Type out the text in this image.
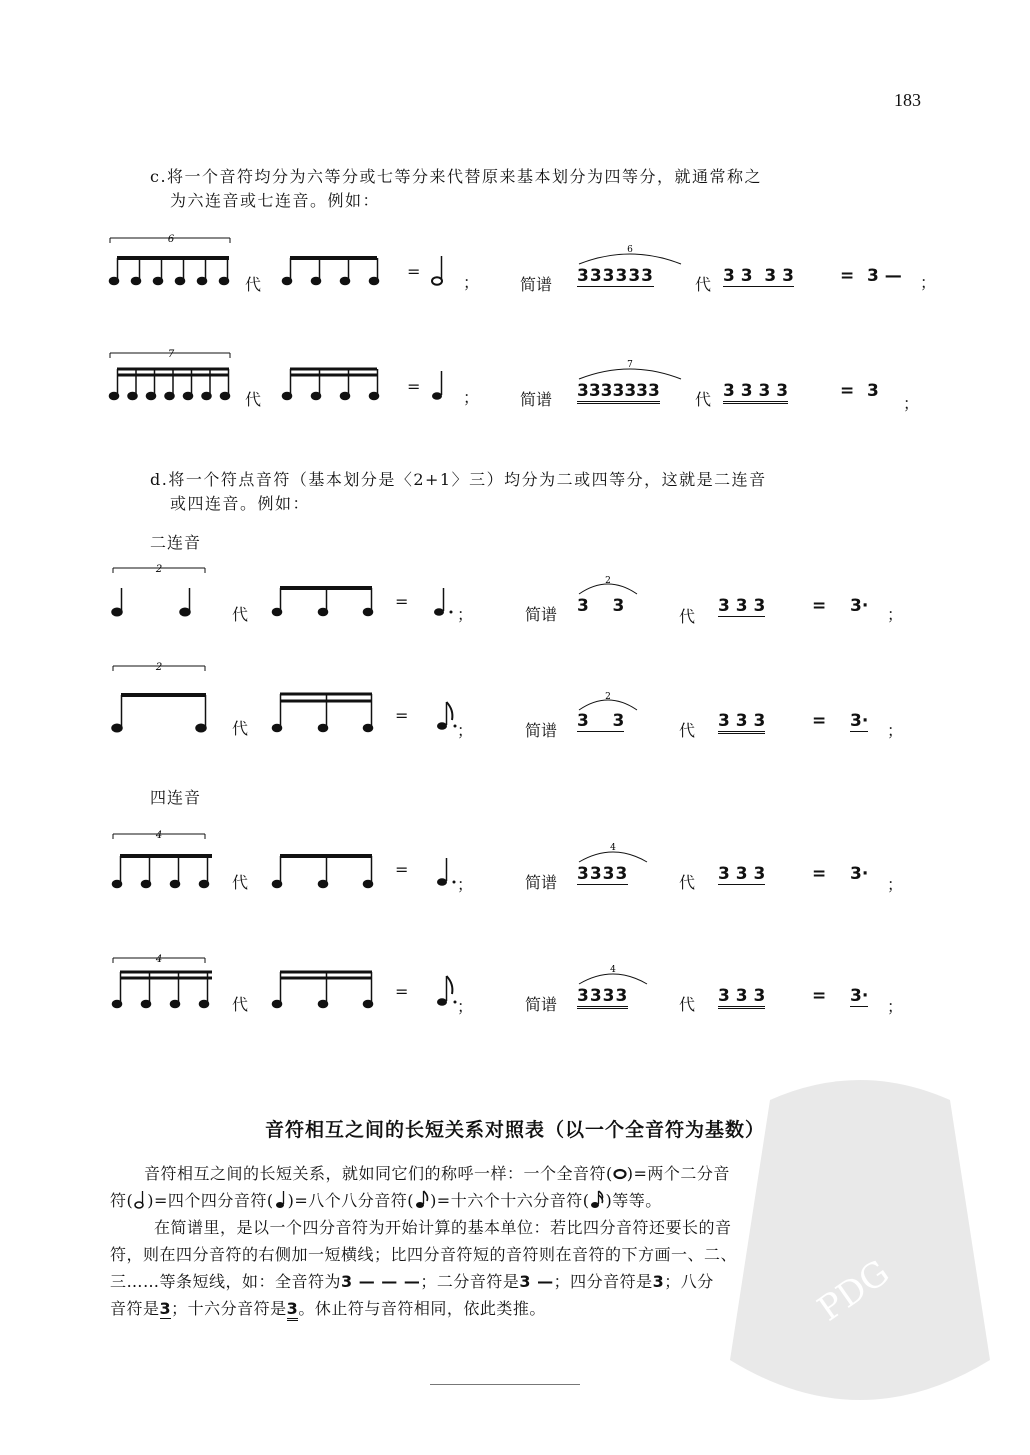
183
c.将一个音符均分为六等分或七等分来代替原来基本划分为四等分，就通常称之
为六连音或七连音。例如：
6
代
=
；	简谱
6
333333	代 3 3  3 3	= 3 — ；
7
代
=
；	简谱
7
3333333 代 3 3 3 3	= 3
；
d.将一个符点音符（基本划分是〈2+1〉三）均分为二或四等分，这就是二连音
或四连音。例如：
二连音
2
代
=
；	简谱
2
3    3
代
3 3 3	= 3· ；
2
代
=
；	简谱
2
3    3	代 3 3 3	= 3· ；
四连音
4
代
=
；	简谱
4
3333	代 3 3 3	= 3·
；
4
代
=
；	简谱
4
3333	代 3 3 3	= 3·
；
音符相互之间的长短关系对照表（以一个全音符为基数）

音符相互之间的长短关系，就如同它们的称呼一样：一个全音符( )=两个二分音

符( )=四个四分音符( )=八个八分音符( )=十六个十六分音符( )等等。

在简谱里，是以一个四分音符为开始计算的基本单位：若比四分音符还要长的音

符，则在四分音符的右侧加一短横线；比四分音符短的音符则在音符的下方画一、二、

三……等条短线，如：全音符为3 — — —；二分音符是3 —；四分音符是3；八分

音符是3；十六分音符是3。休止符与音符相同，依此类推。	PDG
